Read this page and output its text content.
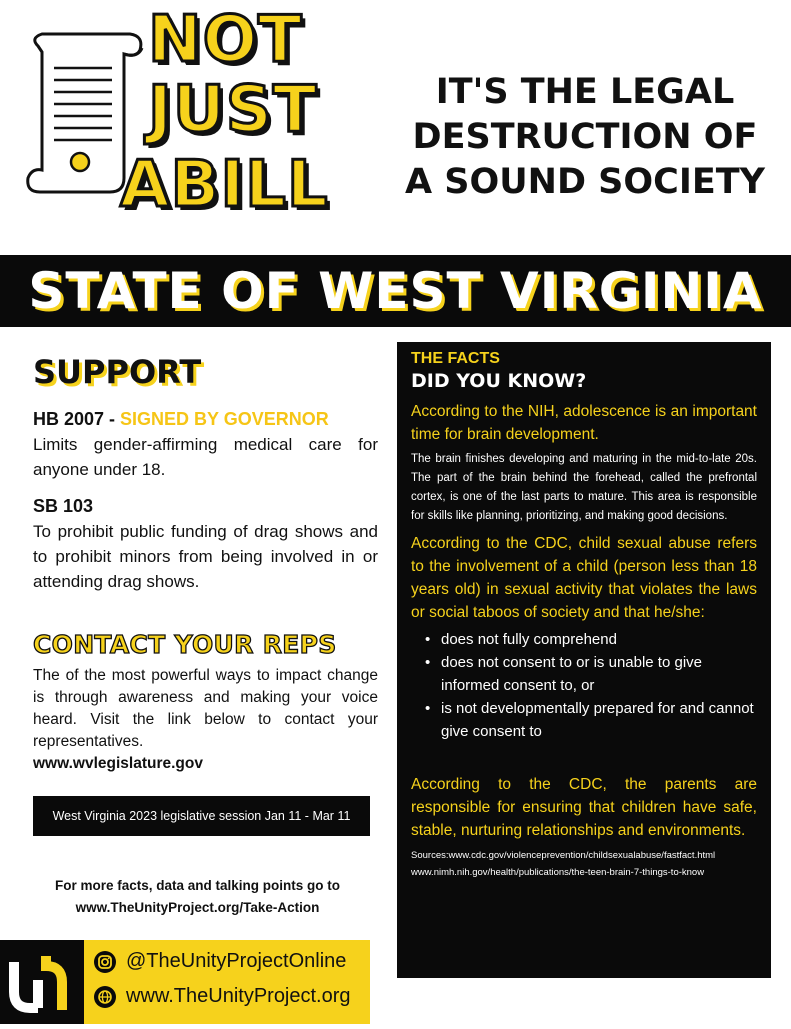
NOT
JUST
ABILL
IT'S THE LEGAL
DESTRUCTION OF
A SOUND SOCIETY
STATE OF WEST VIRGINIA
SUPPORT

HB 2007 - SIGNED BY GOVERNOR

Limits gender-affirming medical care for anyone under 18.

SB 103

To prohibit public funding of drag shows and to prohibit minors from being involved in or attending drag shows.

CONTACT YOUR REPS

The of the most powerful ways to impact change is through awareness and making your voice heard. Visit the link below to contact your representatives.

www.wvlegislature.gov
West Virginia 2023 legislative session Jan 11 - Mar 11
For more facts, data and talking points go to
www.TheUnityProject.org/Take-Action
@TheUnityProjectOnline
www.TheUnityProject.org

THE FACTS

DID YOU KNOW?

According to the NIH, adolescence is an important time for brain development.

The brain finishes developing and maturing in the mid-to-late 20s. The part of the brain behind the forehead, called the prefrontal cortex, is one of the last parts to mature. This area is responsible for skills like planning, prioritizing, and making good decisions.

According to the CDC, child sexual abuse refers to the involvement of a child (person less than 18 years old) in sexual activity that violates the laws or social taboos of society and that he/she:

• does not fully comprehend
• does not consent to or is unable to give informed consent to, or
• is not developmentally prepared for and cannot give consent to

According to the CDC, the parents are responsible for ensuring that children have safe, stable, nurturing relationships and environments.

Sources:www.cdc.gov/violenceprevention/childsexualabuse/fastfact.html
www.nimh.nih.gov/health/publications/the-teen-brain-7-things-to-know
